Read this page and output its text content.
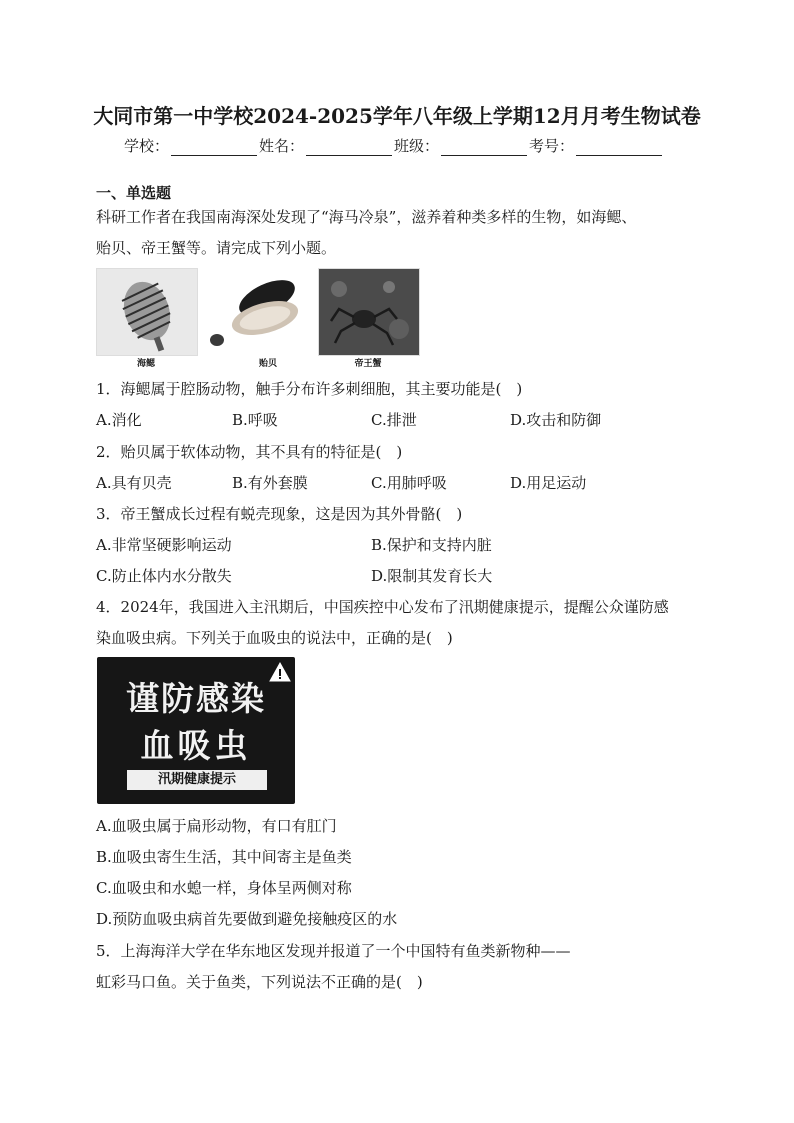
大同市第一中学校2024-2025学年八年级上学期12月月考生物试卷
学校：	姓名：	班级：	考号：
一、单选题
科研工作者在我国南海深处发现了“海马冷泉”，滋养着种类多样的生物，如海鳃、
贻贝、帝王蟹等。请完成下列小题。
海鳃	贻贝	帝王蟹
1．海鳃属于腔肠动物，触手分布许多刺细胞，其主要功能是(　)
A.消化	B.呼吸	C.排泄	D.攻击和防御
2．贻贝属于软体动物，其不具有的特征是(　)
A.具有贝壳	B.有外套膜	C.用肺呼吸	D.用足运动
3．帝王蟹成长过程有蜕壳现象，这是因为其外骨骼(　)
A.非常坚硬影响运动	B.保护和支持内脏
C.防止体内水分散失	D.限制其发育长大
4．2024年，我国进入主汛期后，中国疾控中心发布了汛期健康提示，提醒公众谨防感
染血吸虫病。下列关于血吸虫的说法中，正确的是(　)
谨防感染
血吸虫
汛期健康提示
A.血吸虫属于扁形动物，有口有肛门
B.血吸虫寄生生活，其中间寄主是鱼类
C.血吸虫和水螅一样，身体呈两侧对称
D.预防血吸虫病首先要做到避免接触疫区的水
5．上海海洋大学在华东地区发现并报道了一个中国特有鱼类新物种——
虹彩马口鱼。关于鱼类，下列说法不正确的是(　)
